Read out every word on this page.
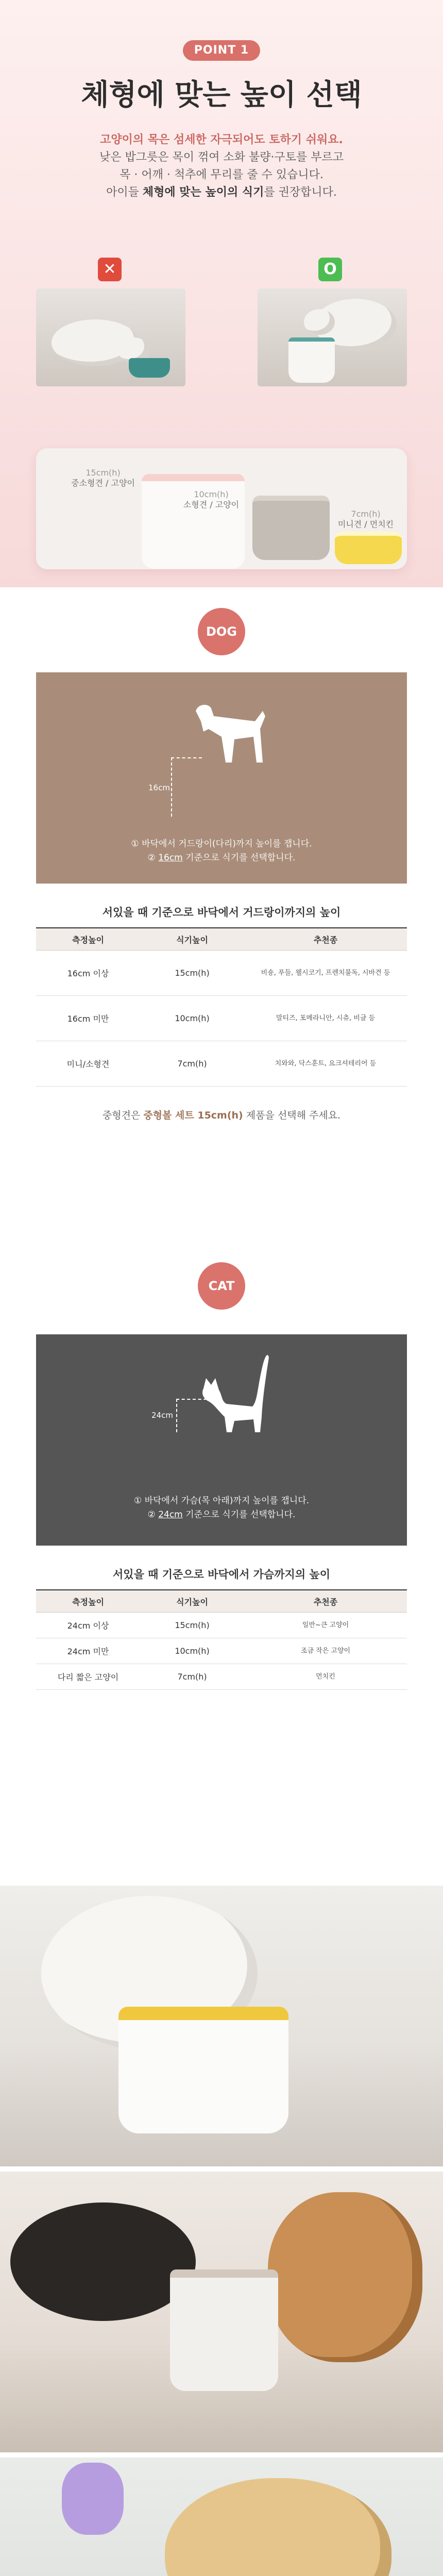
POINT 1
체형에 맞는 높이 선택
고양이의 목은 섬세한 자극되어도 토하기 쉬워요.
낮은 밥그릇은 목이 꺾여 소화 불량·구토를 부르고
목 · 어깨 · 척추에 무리를 줄 수 있습니다.
아이들 체형에 맞는 높이의 식기를 권장합니다.
✕	O
15cm(h)
중소형견 / 고양이
10cm(h)
소형견 / 고양이
7cm(h)
미니견 / 먼치킨
DOG
16cm
① 바닥에서 거드랑이(다리)까지 높이를 잽니다.
② 16cm 기준으로 식기를 선택합니다.
서있을 때 기준으로 바닥에서 거드랑이까지의 높이
측정높이	식기높이	추천종
16cm 이상	15cm(h)	비숑, 푸들, 웰시코기, 프렌치불독, 시바견 등
16cm 미만	10cm(h)	말티즈, 포메라니안, 시츄, 비글 등
미니/소형견	7cm(h)	치와와, 닥스훈트, 요크셔테리어 등
중형견은 중형볼 세트 15cm(h) 제품을 선택해 주세요.
CAT
24cm
① 바닥에서 가슴(목 아래)까지 높이를 잽니다.
② 24cm 기준으로 식기를 선택합니다.
서있을 때 기준으로 바닥에서 가슴까지의 높이
측정높이	식기높이	추천종
24cm 이상	15cm(h)	일반~큰 고양이
24cm 미만	10cm(h)	조금 작은 고양이
다리 짧은 고양이	7cm(h)	먼치킨
